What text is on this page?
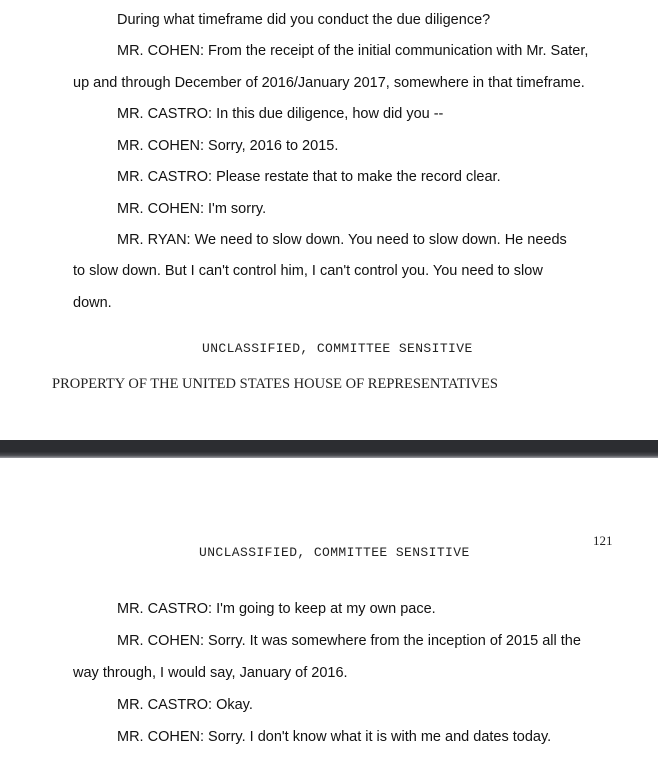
During what timeframe did you conduct the due diligence?
MR. COHEN: From the receipt of the initial communication with Mr. Sater,
up and through December of 2016/January 2017, somewhere in that timeframe.
MR. CASTRO: In this due diligence, how did you --
MR. COHEN: Sorry, 2016 to 2015.
MR. CASTRO: Please restate that to make the record clear.
MR. COHEN: I'm sorry.
MR. RYAN: We need to slow down. You need to slow down. He needs
to slow down. But I can't control him, I can't control you. You need to slow
down.
UNCLASSIFIED, COMMITTEE SENSITIVE
PROPERTY OF THE UNITED STATES HOUSE OF REPRESENTATIVES
121
UNCLASSIFIED, COMMITTEE SENSITIVE
MR. CASTRO: I'm going to keep at my own pace.
MR. COHEN: Sorry. It was somewhere from the inception of 2015 all the
way through, I would say, January of 2016.
MR. CASTRO: Okay.
MR. COHEN: Sorry. I don't know what it is with me and dates today.
